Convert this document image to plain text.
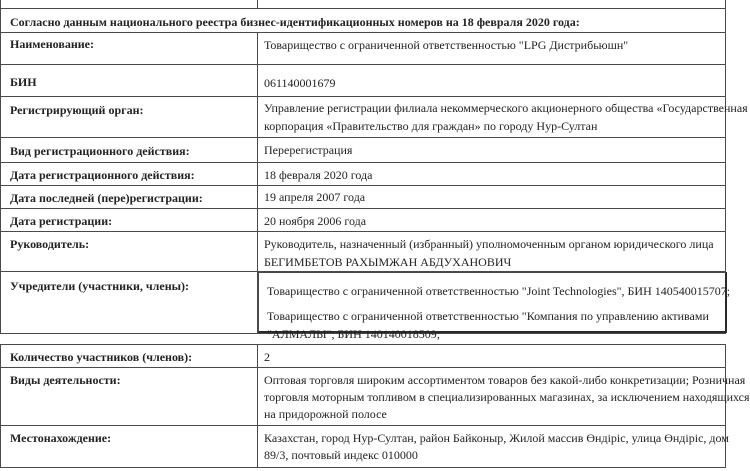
Согласно данным национального реестра бизнес-идентификационных номеров на 18 февраля 2020 года:
Наименование:	Товарищество с ограниченной ответственностью "LPG Дистрибьюшн"
БИН	061140001679
Регистрирующий орган:	Управление регистрации филиала некоммерческого акционерного общества «Государственная
корпорация «Правительство для граждан» по городу Нур-Султан
Вид регистрационного действия:	Перерегистрация
Дата регистрационного действия:	18 февраля 2020 года
Дата последней (пере)регистрации:	19 апреля 2007 года
Дата регистрации:	20 ноября 2006 года
Руководитель:	Руководитель, назначенный (избранный) уполномоченным органом юридического лица
БЕГИМБЕТОВ РАХЫМЖАН АБДУХАНОВИЧ
Учредители (участники, члены):	Товарищество с ограниченной ответственностью "Joint Technologies", БИН 140540015707;

Товарищество с ограниченной ответственностью "Компания по управлению активами

"АЛМАЛЫ", БИН 140140018509;

Количество участников (членов):	2
Виды деятельности:	Оптовая торговля широким ассортиментом товаров без какой-либо конкретизации; Розничная
торговля моторным топливом в специализированных магазинах, за исключением находящихся
на придорожной полосе
Местонахождение:	Казахстан, город Нур-Султан, район Байконыр, Жилой массив Өндіріс, улица Өндіріс, дом
89/3, почтовый индекс 010000
